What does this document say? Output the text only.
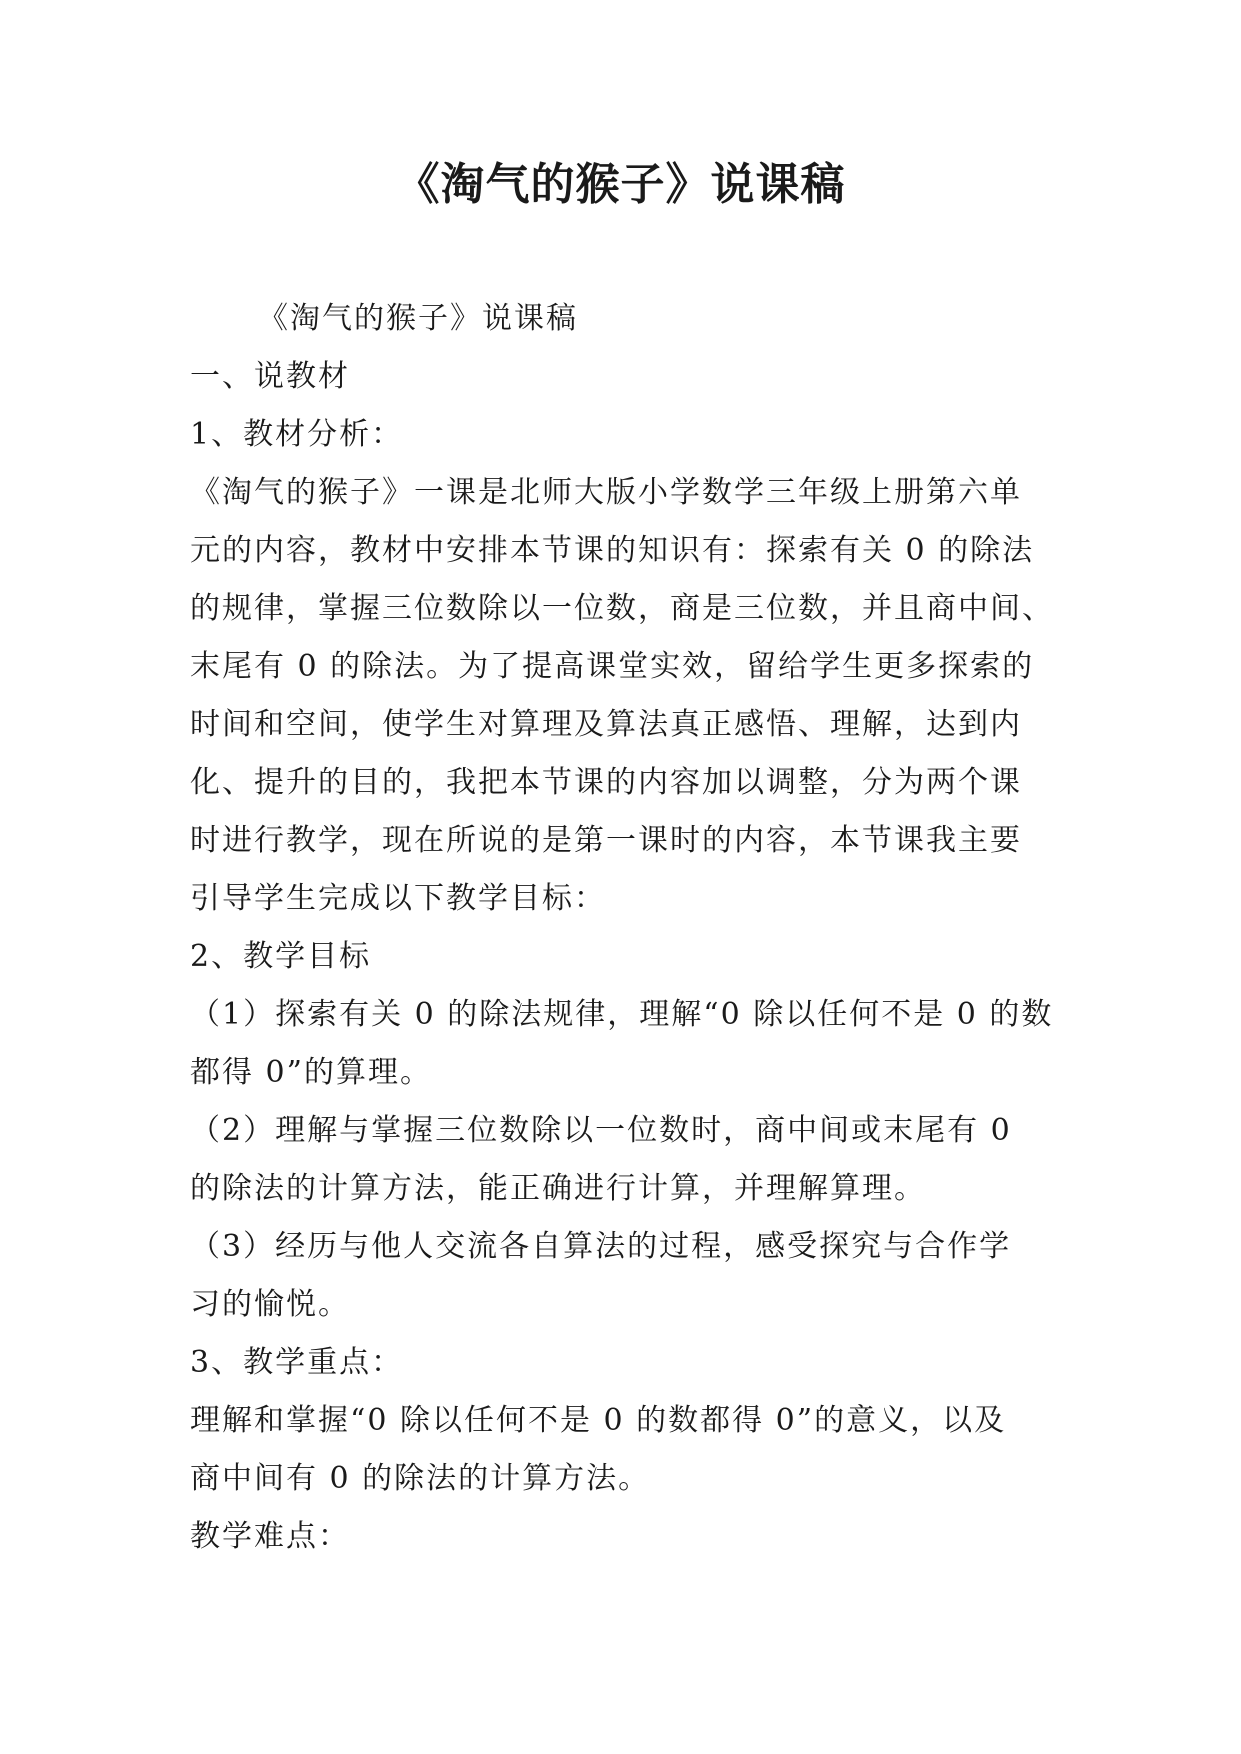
《淘气的猴子》说课稿
《淘气的猴子》说课稿
一、说教材
1、教材分析：
《淘气的猴子》一课是北师大版小学数学三年级上册第六单
元的内容，教材中安排本节课的知识有：探索有关 0 的除法
的规律，掌握三位数除以一位数，商是三位数，并且商中间、
末尾有 0 的除法。为了提高课堂实效，留给学生更多探索的
时间和空间，使学生对算理及算法真正感悟、理解，达到内
化、提升的目的，我把本节课的内容加以调整，分为两个课
时进行教学，现在所说的是第一课时的内容，本节课我主要
引导学生完成以下教学目标：
2、教学目标
（1）探索有关 0 的除法规律，理解“0 除以任何不是 0 的数
都得 0”的算理。
（2）理解与掌握三位数除以一位数时，商中间或末尾有 0
的除法的计算方法，能正确进行计算，并理解算理。
（3）经历与他人交流各自算法的过程，感受探究与合作学
习的愉悦。
3、教学重点：
理解和掌握“0 除以任何不是 0 的数都得 0”的意义，以及
商中间有 0 的除法的计算方法。
教学难点：
